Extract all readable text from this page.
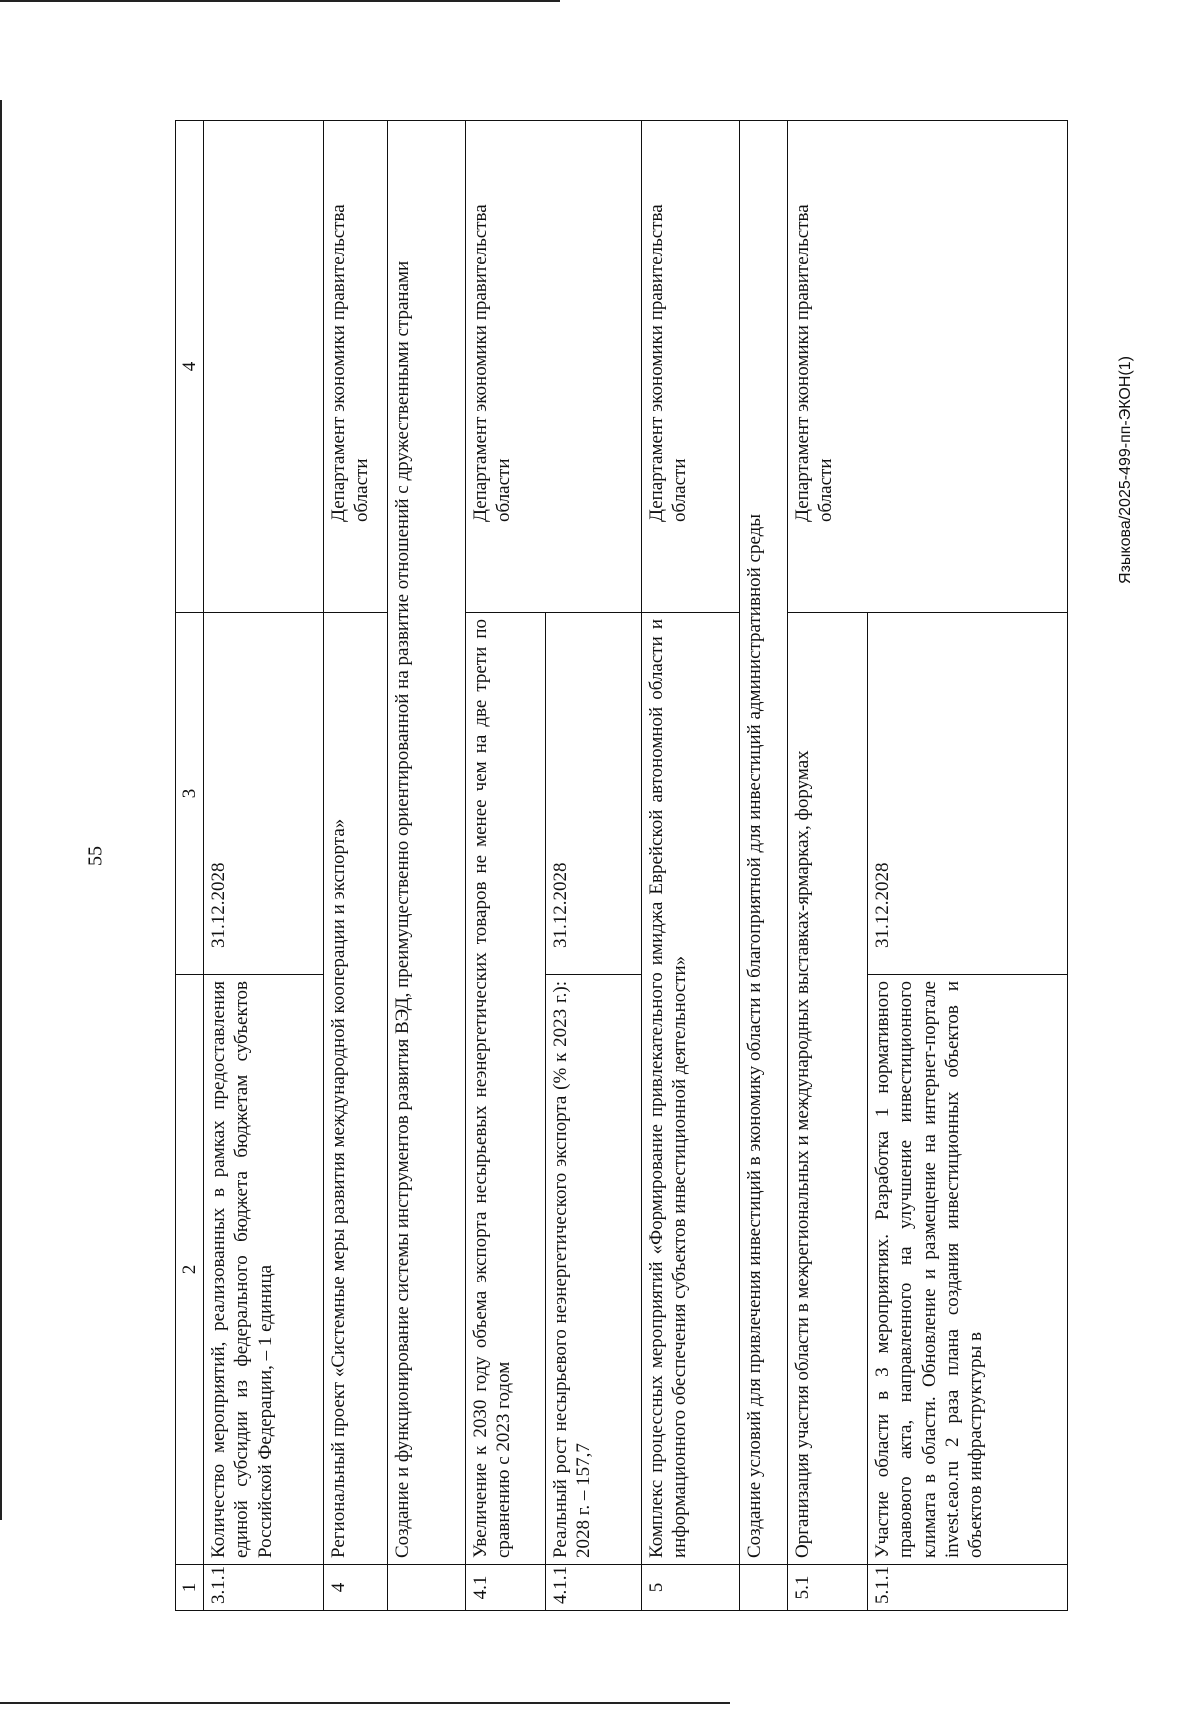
55
Языкова/2025-499-пп-ЭКОН(1)
1	2	3	4
3.1.1	Количество мероприятий, реализованных в рамках предоставления единой субсидии из федерального бюджета бюджетам субъектов Российской Федерации, – 1 единица	31.12.2028	
4	Региональный проект «Системные меры развития международной кооперации и экспорта»		Департамент экономики правительства области
	Создание и функционирование системы инструментов развития ВЭД, преимущественно ориентированной на развитие отношений с дружественными странами		
4.1	Увеличение к 2030 году объема экспорта несырьевых неэнергетических товаров не менее чем на две трети по сравнению с 2023 годом		Департамент экономики правительства области
4.1.1	Реальный рост несырьевого неэнергетического экспорта (% к 2023 г.): 2028 г. – 157,7	31.12.2028	
5	Комплекс процессных мероприятий «Формирование привлекательного имиджа Еврейской автономной области и информационного обеспечения субъектов инвестиционной деятельности»		Департамент экономики правительства области
	Создание условий для привлечения инвестиций в экономику области и благоприятной для инвестиций административной среды		
5.1	Организация участия области в межрегиональных и международных выставках-ярмарках, форумах		Департамент экономики правительства области
5.1.1	Участие области в 3 мероприятиях. Разработка 1 нормативного правового акта, направленного на улучшение инвестиционного климата в области. Обновление и размещение на интернет-портале invest.eao.ru 2 раза плана создания инвестиционных объектов и объектов инфраструктуры в	31.12.2028	
